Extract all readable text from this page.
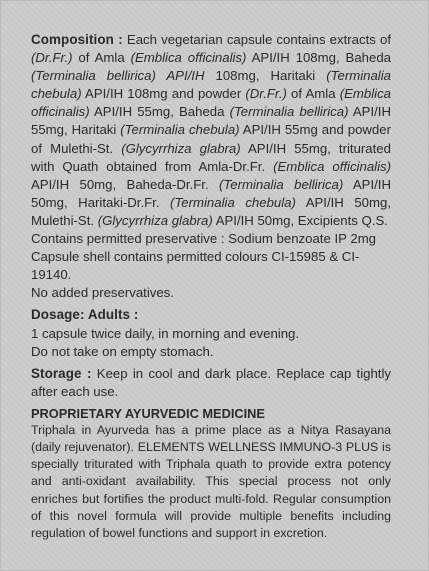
Composition : Each vegetarian capsule contains extracts of (Dr.Fr.) of Amla (Emblica officinalis) API/IH 108mg, Baheda (Terminalia bellirica) API/IH 108mg, Haritaki (Terminalia chebula) API/IH 108mg and powder (Dr.Fr.) of Amla (Emblica officinalis) API/IH 55mg, Baheda (Terminalia bellirica) API/IH 55mg, Haritaki (Terminalia chebula) API/IH 55mg and powder of Mulethi-St. (Glycyrrhiza glabra) API/IH 55mg, triturated with Quath obtained from Amla-Dr.Fr. (Emblica officinalis) API/IH 50mg, Baheda-Dr.Fr. (Terminalia bellirica) API/IH 50mg, Haritaki-Dr.Fr. (Terminalia chebula) API/IH 50mg, Mulethi-St. (Glycyrrhiza glabra) API/IH 50mg, Excipients Q.S.

Contains permitted preservative : Sodium benzoate IP 2mg

Capsule shell contains permitted colours CI-15985 & CI-19140.

No added preservatives.

Dosage: Adults :

1 capsule twice daily, in morning and evening.

Do not take on empty stomach.

Storage : Keep in cool and dark place. Replace cap tightly after each use.

PROPRIETARY AYURVEDIC MEDICINE

Triphala in Ayurveda has a prime place as a Nitya Rasayana (daily rejuvenator). ELEMENTS WELLNESS IMMUNO-3 PLUS is specially triturated with Triphala quath to provide extra potency and anti-oxidant availability. This special process not only enriches but fortifies the product multi-fold. Regular consumption of this novel formula will provide multiple benefits including regulation of bowel functions and support in excretion.
